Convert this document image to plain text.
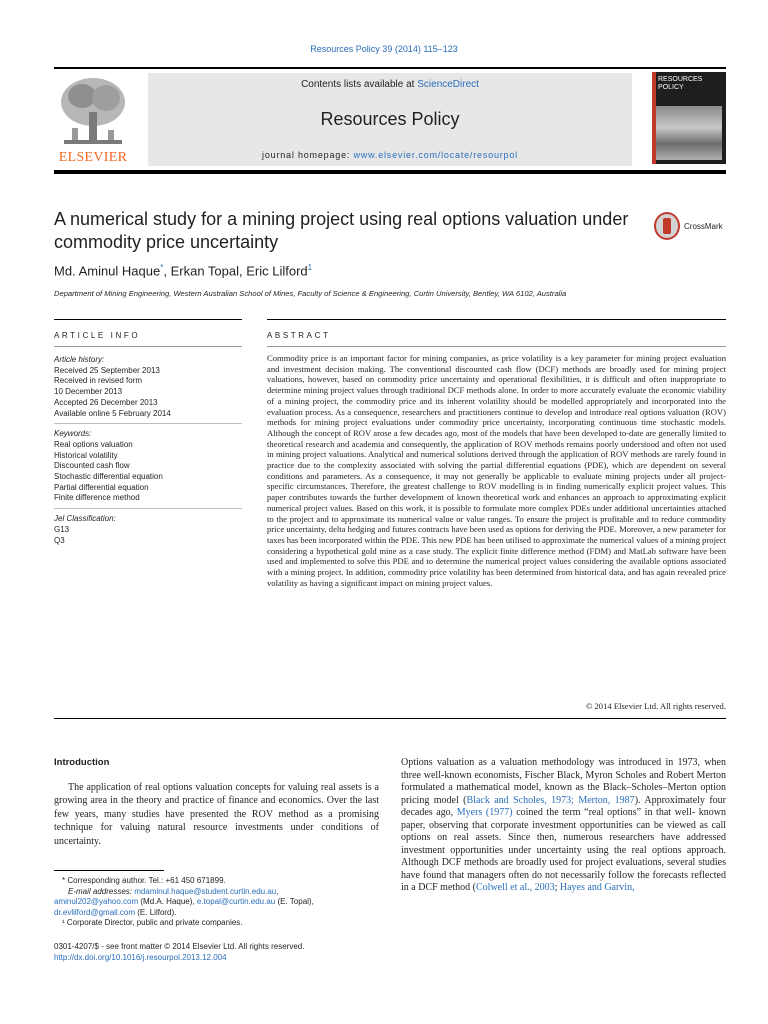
Resources Policy 39 (2014) 115–123
ELSEVIER
Contents lists available at ScienceDirect
Resources Policy
journal homepage: www.elsevier.com/locate/resourpol
RESOURCES POLICY
A numerical study for a mining project using real options valuation under commodity price uncertainty
CrossMark
Md. Aminul Haque*, Erkan Topal, Eric Lilford$^1$
Department of Mining Engineering, Western Australian School of Mines, Faculty of Science & Engineering, Curtin University, Bentley, WA 6102, Australia
ARTICLE INFO	ABSTRACT
Article history:
Received 25 September 2013
Received in revised form
10 December 2013
Accepted 26 December 2013
Available online 5 February 2014
Keywords:
Real options valuation
Historical volatility
Discounted cash flow
Stochastic differential equation
Partial differential equation
Finite difference method
Jel Classification:
G13
Q3
Commodity price is an important factor for mining companies, as price volatility is a key parameter for mining project evaluation and investment decision making. The conventional discounted cash flow (DCF) methods are broadly used for mining project valuations, however, based on commodity price uncertainty and operational flexibilities, it is difficult and often inappropriate to determine mining project values through traditional DCF methods alone. In order to more accurately evaluate the economic viability of a mining project, the commodity price and its inherent volatility should be modelled appropriately and incorporated into the evaluation process. As a consequence, researchers and practitioners continue to develop and introduce real options valuation (ROV) methods for mining project evaluations under commodity price uncertainty, incorporating continuous time stochastic models. Although the concept of ROV arose a few decades ago, most of the models that have been developed to-date are generally limited to theoretical research and academia and consequently, the application of ROV methods remains poorly understood and often not used in mining project valuations. Analytical and numerical solutions derived through the application of ROV methods are rarely found in practice due to the complexity associated with solving the partial differential equations (PDE), which are dependent on several conditions and parameters. As a consequence, it may not generally be applicable to evaluate mining projects under all project-specific circumstances. Therefore, the greatest challenge to ROV modelling is in finding numerically explicit project values. This paper contributes towards the further development of known theoretical work and enhances an approach to approximating explicit numerical project values. Based on this work, it is possible to formulate more complex PDEs under additional uncertainties attached to the project and to approximate its numerical value or value ranges. To ensure the project is profitable and to reduce commodity price uncertainty, delta hedging and futures contracts have been used as options for deriving the PDE. Moreover, a new parameter for taxes has been incorporated within the PDE. This new PDE has been utilised to approximate the numerical values of a mining project considering a hypothetical gold mine as a case study. The explicit finite difference method (FDM) and MatLab software have been used and implemented to solve this PDE and to determine the numerical project values considering the available options associated with a mining project. In addition, commodity price volatility has been determined from historical data, and has again revealed price volatility as having a significant impact on mining project values.
© 2014 Elsevier Ltd. All rights reserved.
Introduction
The application of real options valuation concepts for valuing real assets is a growing area in the theory and practice of finance and economics. Over the last few years, many studies have presented the ROV method as a promising technique for valuing natural resource investments under conditions of uncertainty.
* Corresponding author. Tel.: +61 450 671899.
E-mail addresses: mdaminul.haque@student.curtin.edu.au,
aminul202@yahoo.com (Md.A. Haque), e.topal@curtin.edu.au (E. Topal),
dr.evlilford@gmail.com (E. Lilford).
¹ Corporate Director, public and private companies.
0301-4207/$ - see front matter © 2014 Elsevier Ltd. All rights reserved.
http://dx.doi.org/10.1016/j.resourpol.2013.12.004
Options valuation as a valuation methodology was introduced in 1973, when three well-known economists, Fischer Black, Myron Scholes and Robert Merton formulated a mathematical model, known as the Black–Scholes–Merton option pricing model (Black and Scholes, 1973; Merton, 1987). Approximately four decades ago, Myers (1977) coined the term “real options” in that well- known paper, observing that corporate investment opportunities can be viewed as call options on real assets. Since then, numerous researchers have addressed investment opportunities under uncertainty using the real options approach. Although DCF methods are broadly used for project evaluations, several studies have found that managers often do not necessarily follow the forecasts reflected in a DCF method (Colwell et al., 2003; Hayes and Garvin,
